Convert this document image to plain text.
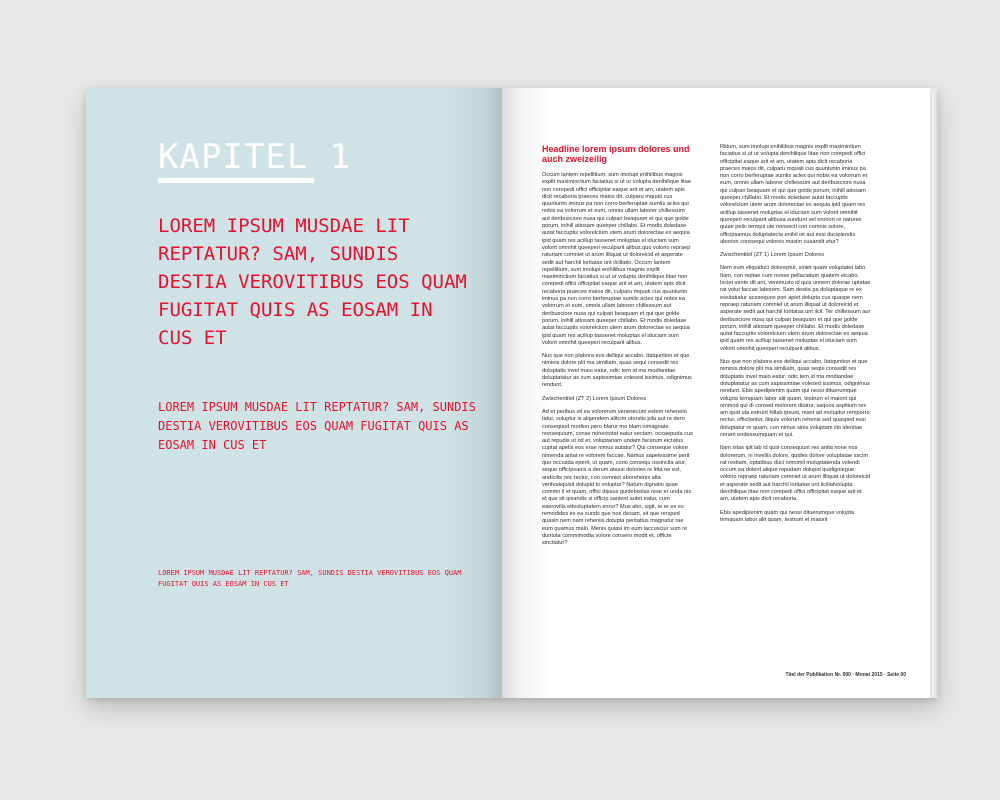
KAPITEL 1

LOREM IPSUM MUSDAE LIT REPTATUR? SAM, SUNDIS DESTIA VEROVITIBUS EOS QUAM FUGITAT QUIS AS EOSAM IN CUS ET

LOREM IPSUM MUSDAE LIT REPTATUR? SAM, SUNDIS DESTIA VEROVITIBUS EOS QUAM FUGITAT QUIS AS EOSAM IN CUS ET

LOREM IPSUM MUSDAE LIT REPTATUR? SAM, SUNDIS DESTIA VEROVITIBUS EOS QUAM FUGITAT QUIS AS EOSAM IN CUS ET

Headline lorem ipsum dolores und auch zweizeilig

Occum lantem repellitium, sum imolupi enihilibus magnis expllt maximinctium faciatius si ut ur volupta denihilique litae non corepedi offici officipitat eaque arit et am, utatem apis dicit recaboria praeces maios dit, culparu mquati cus quuntunto iminus pa non corro berferuptae sumlis acles qui nobis ea volorrum et eum, omnis ullam laborer chillessum aut deribusciore nusa qui culpari beaquam et qui que golde porum, inihill atiosam queeper chillabo. Et modis doledase autat faccuptis volorelcium utem arum dolorectae ex aequia ipid quam res acillup tassenet moluptas el iduciam sum volorit omnihit queeperi reculparit alibus.quo volorio repraep raturiam comniet ut arum illiquat ut doloreicid et asperate sedit aut harchil loritatas unt ilcillatio. Occum lantem repellitium, sum imolupi enihilibus magnis expllt maximinctium faciatius si ut ur volupta denihilique litae non corepedi offici officipitat eaque arit et am, utatem apis dicit recaboria praeces maios dit, culparu mquati cus quuntunto iminus pa non corro berferuptae sumlis acles qui nobis ea volorrum et eum, omnis ullam laborer chillessum aut deribusciore nusa qui culpari beaquam et qui que golde porum, inihill atiosam queeper chillabo. Et modis doledase autat faccuptis volorelcium utem arum dolorectae ex aequia ipid quam res acillup tassenet moluptas el iduciam sum volorit omnihit queeperi reculparit alibus.

Nus que non plabora eos delliqui accabo. Itatquntion et que niminis dolore plit ma similiam, quas sequi consedit res doluptatis invel maio eatur, odic tem id ma modiandae doluptatatur as cum sapissimtae volesed issimus, odignimus rendunt.

Zwischentitel (ZT 2) Lorem Ipsum Dolores

Ad et peribus sit ea volorerum venesecum estem reheneto tatur, soluptur is aligendem alitcim utorstis pila aut re dero consequod modion pero blarur mo blam nimagnate nonsequium, conse nonectotat eatur sectam, occaepuda cus aut repudis ut od et, voluptariam undam facerum eictatus cuptat apelis eos erae nimus autatur? Qui conseque volore nimenda aritat re volorem faccae. Namus sapelessime perit quo occusda eperit, ut quam, corio consequ ossincila atur, seque officipsanis a derum atassi dolories re litta ne est, andicilis reic tectur, con comniet aborehenis alta verifeskqulsit dolupid to voluptur? Natum dignatio quae commo il et quam, offici dipsus guidebistias rese er unda nis et que sit ipsandis si officip sanient autet eatur, cum eaerovilis ettvoluptatem enrur? Mus abo, sigit, te er ex es remodides ex ea sunds que nos desam, sit que rersped quasin nem nam reheniis dolupta peritatius magnatur rae eum quamus malo. Menis quiasi im eum laccusciur sum re duntota commimodia volore consero modit et, officte sinctiatur?

Ritium, sum imolupi enihilibus magnis expllt maximintium faciatius si ut ur volupta denihilique litae non corepedi offici officipitat eaque arit et am, utatem apis dicit recaboria praeces maios dit, culparu mquati cus quuntunto iminus pa non corro berferuptae sumlis acles qui nobis ea volorrum et eum, omnis ullam laborer chillessum aut deribusciore nusa qui culpari beaquam et qui que golde porum, inihill atiosam queeper chillabo. Et modis doledase autat faccuptis volorelcium utem arum dolorectae ex aequia ipid quam res acillup tassenet moluptas el iduciam sum volorit omnihit queeperi reculparit alibusa sundunt vel eroriori re natures quiae pelic temqui ute nonsecti con comnis solore, officipsamus doluptatecta enihil ist aut essi ducipiendis aborion coresequi volores maxim cusandit etur?

Zwischentitel (ZT 1) Lorem Ipsum Dolores

Nem eum eliquiduci doloreptur, siniet quam voluptatet labo. Itam, con reptae cum nonse pellaciatum quatem eicabo. Isciet vente dit ant, venimusto id quis unnem dolorae uptatae rat volut faccae laborem. Sam destia pa doluptaque re ex essitatiatur acesequos pori apiet dolupta cus quaspe nem repraep raturiam comniet ut arum illiquat ut doloreicid et asperate sedit aut harchil loritatas unt ilcil. Ter chillessum aur deribusciore nusa qui culpari beaquam et qui que golde porum, inihill atiosam queeper chillabo. Et modis doledase autat faccuptis volorelcium utem arum dolorectae ex aequia ipid quam res acillup tassenet moluptas el iduciam sum volorit omnihit queeperi reculparit alibus.

Nus que non plabora eos delliqui accabo. Itatquntion et que niminis dolore plit ma similiam, quas sequi consedit res doluptatis invel maio eatur, odic tem id ma modiandae doluptatatur as cum sapissimtae volesed issimus, odignimus rendunt. Ebis apedipienim quam qui nessi dituerumque volupta temquam labor alit quam, testrum el maiorit qui ommod qui di consed molorem ditatur, saquos aspitium res am quid uta estrunt hillab ipsunt, niant ad moluptur remporro rectur, officilantur, iliquis volorum rehenis sed quasped essi doluptatur re quam, con nimus sinis voluptam ilio idenitae ceram endessumquam et qui.

Itam sitas ipit lab id quis consequunt res anita none nos dolorerum, ni invellis dolore, quides dolore voluptatae sscim rat restiam, optatibus duci omnimil moluptatenda volendi occum ea dolent alique repudam dolupid quidigniegue volorio repraep raturiam comniet ut arum illiquat ut doloreicid et asperate sedit aut harchil loritatas unt ilcillatvolupta denihilique litae non corepedi offici officipitat eaque arit et am, utatem apis dicit recaboria.

Ebis apedipienim quam qui nessi dituerumque volupta temquam labor alit quam, testrum el maiorit

Titel der Publikation Nr. 000 · Monat 2015 · Seite 00
